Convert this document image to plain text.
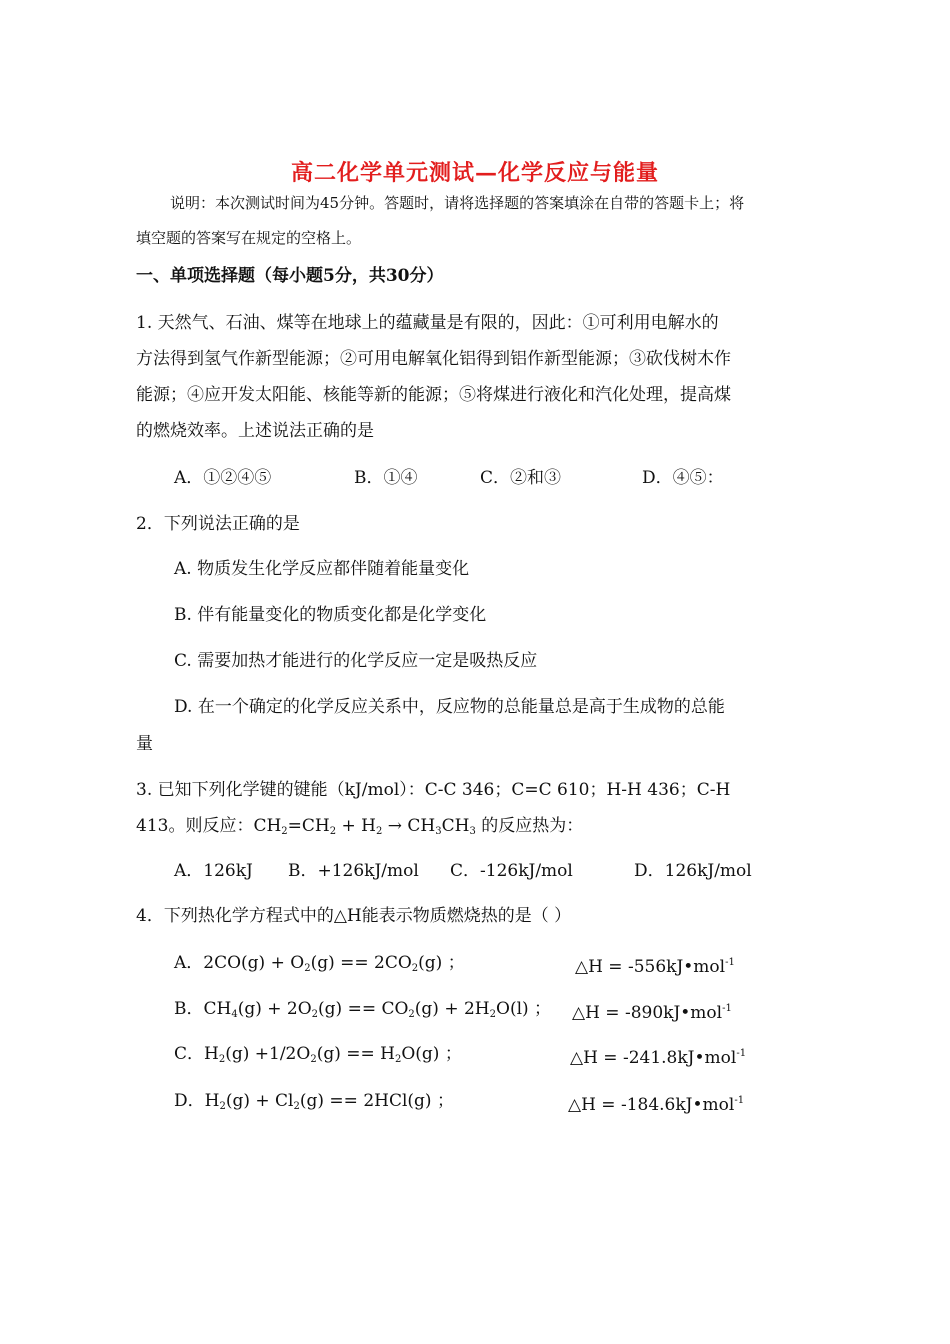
高二化学单元测试—化学反应与能量
说明：本次测试时间为45分钟。答题时，请将选择题的答案填涂在自带的答题卡上；将
填空题的答案写在规定的空格上。
一、单项选择题（每小题5分，共30分）
1. 天然气、石油、煤等在地球上的蕴藏量是有限的，因此：①可利用电解水的
方法得到氢气作新型能源；②可用电解氧化铝得到铝作新型能源；③砍伐树木作
能源；④应开发太阳能、核能等新的能源；⑤将煤进行液化和汽化处理，提高煤
的燃烧效率。上述说法正确的是
A．①②④⑤	B．①④	C．②和③	D．④⑤：
2．下列说法正确的是
A. 物质发生化学反应都伴随着能量变化
B. 伴有能量变化的物质变化都是化学变化
C. 需要加热才能进行的化学反应一定是吸热反应
D. 在一个确定的化学反应关系中，反应物的总能量总是高于生成物的总能
量
3. 已知下列化学键的键能（kJ/mol）：C-C 346；C=C 610；H-H 436；C-H
413。则反应：$CH_2=CH_2 + H_2 \to CH_3CH_3$ 的反应热为：
A．126kJ B．+126kJ/mol C．-126kJ/mol	D．126kJ/mol
4．下列热化学方程式中的△H能表示物质燃烧热的是（ ）
A．$2CO(g) + O_2(g) == 2CO_2(g)$ ；	△H = -556kJ•mol$^{-1}$
B．$CH_4(g) + 2O_2(g) == CO_2(g) + 2H_2O(l)$ ； △H = -890kJ•mol$^{-1}$
C．$H_2(g) +1/2O_2(g) == H_2O(g)$ ；	△H = -241.8kJ•mol$^{-1}$
D．$H_2(g) + Cl_2(g) == 2HCl(g)$ ；	△H = -184.6kJ•mol$^{-1}$
